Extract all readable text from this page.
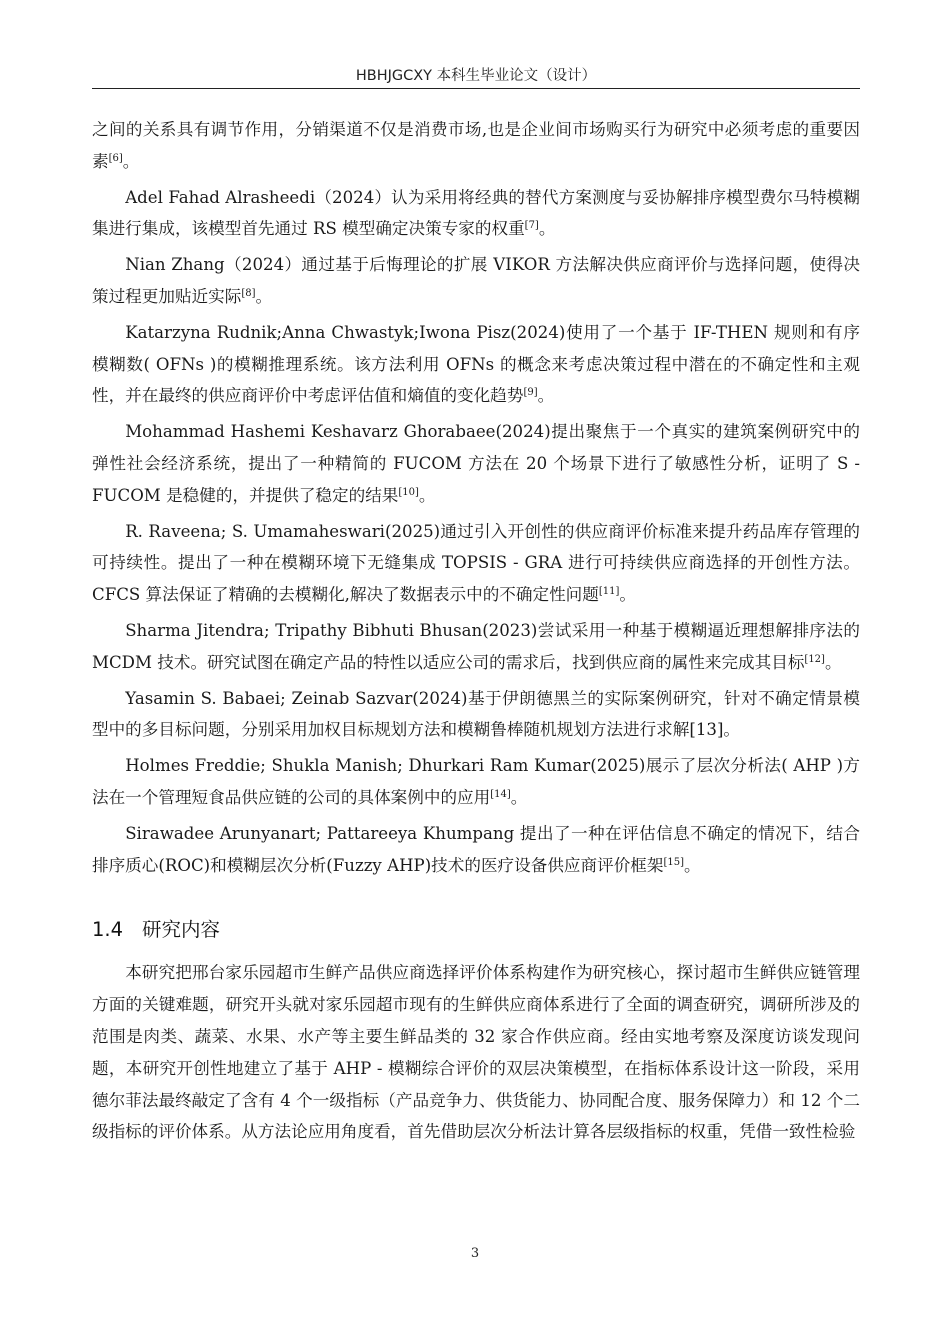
HBHJGCXY 本科生毕业论文（设计）

之间的关系具有调节作用，分销渠道不仅是消费市场,也是企业间市场购买行为研究中必须考虑的重要因素[6]。

Adel Fahad Alrasheedi（2024）认为采用将经典的替代方案测度与妥协解排序模型费尔马特模糊集进行集成，该模型首先通过 RS 模型确定决策专家的权重[7]。

Nian Zhang（2024）通过基于后悔理论的扩展 VIKOR 方法解决供应商评价与选择问题，使得决策过程更加贴近实际[8]。

Katarzyna Rudnik;Anna Chwastyk;Iwona Pisz(2024)使用了一个基于 IF-THEN 规则和有序模糊数( OFNs )的模糊推理系统。该方法利用 OFNs 的概念来考虑决策过程中潜在的不确定性和主观性，并在最终的供应商评价中考虑评估值和熵值的变化趋势[9]。

Mohammad Hashemi Keshavarz Ghorabaee(2024)提出聚焦于一个真实的建筑案例研究中的弹性社会经济系统，提出了一种精简的 FUCOM 方法在 20 个场景下进行了敏感性分析，证明了 S - FUCOM 是稳健的，并提供了稳定的结果[10]。

R. Raveena; S. Umamaheswari(2025)通过引入开创性的供应商评价标准来提升药品库存管理的可持续性。提出了一种在模糊环境下无缝集成 TOPSIS - GRA 进行可持续供应商选择的开创性方法。CFCS 算法保证了精确的去模糊化,解决了数据表示中的不确定性问题[11]。

Sharma Jitendra; Tripathy Bibhuti Bhusan(2023)尝试采用一种基于模糊逼近理想解排序法的 MCDM 技术。研究试图在确定产品的特性以适应公司的需求后，找到供应商的属性来完成其目标[12]。

Yasamin S. Babaei; Zeinab Sazvar(2024)基于伊朗德黑兰的实际案例研究，针对不确定情景模型中的多目标问题，分别采用加权目标规划方法和模糊鲁棒随机规划方法进行求解[13]。

Holmes Freddie; Shukla Manish; Dhurkari Ram Kumar(2025)展示了层次分析法( AHP )方法在一个管理短食品供应链的公司的具体案例中的应用[14]。

Sirawadee Arunyanart; Pattareeya Khumpang 提出了一种在评估信息不确定的情况下，结合排序质心(ROC)和模糊层次分析(Fuzzy AHP)技术的医疗设备供应商评价框架[15]。

1.4 研究内容

本研究把邢台家乐园超市生鲜产品供应商选择评价体系构建作为研究核心，探讨超市生鲜供应链管理方面的关键难题，研究开头就对家乐园超市现有的生鲜供应商体系进行了全面的调查研究，调研所涉及的范围是肉类、蔬菜、水果、水产等主要生鲜品类的 32 家合作供应商。经由实地考察及深度访谈发现问题，本研究开创性地建立了基于 AHP - 模糊综合评价的双层决策模型，在指标体系设计这一阶段，采用德尔菲法最终敲定了含有 4 个一级指标（产品竞争力、供货能力、协同配合度、服务保障力）和 12 个二级指标的评价体系。从方法论应用角度看，首先借助层次分析法计算各层级指标的权重，凭借一致性检验

3
